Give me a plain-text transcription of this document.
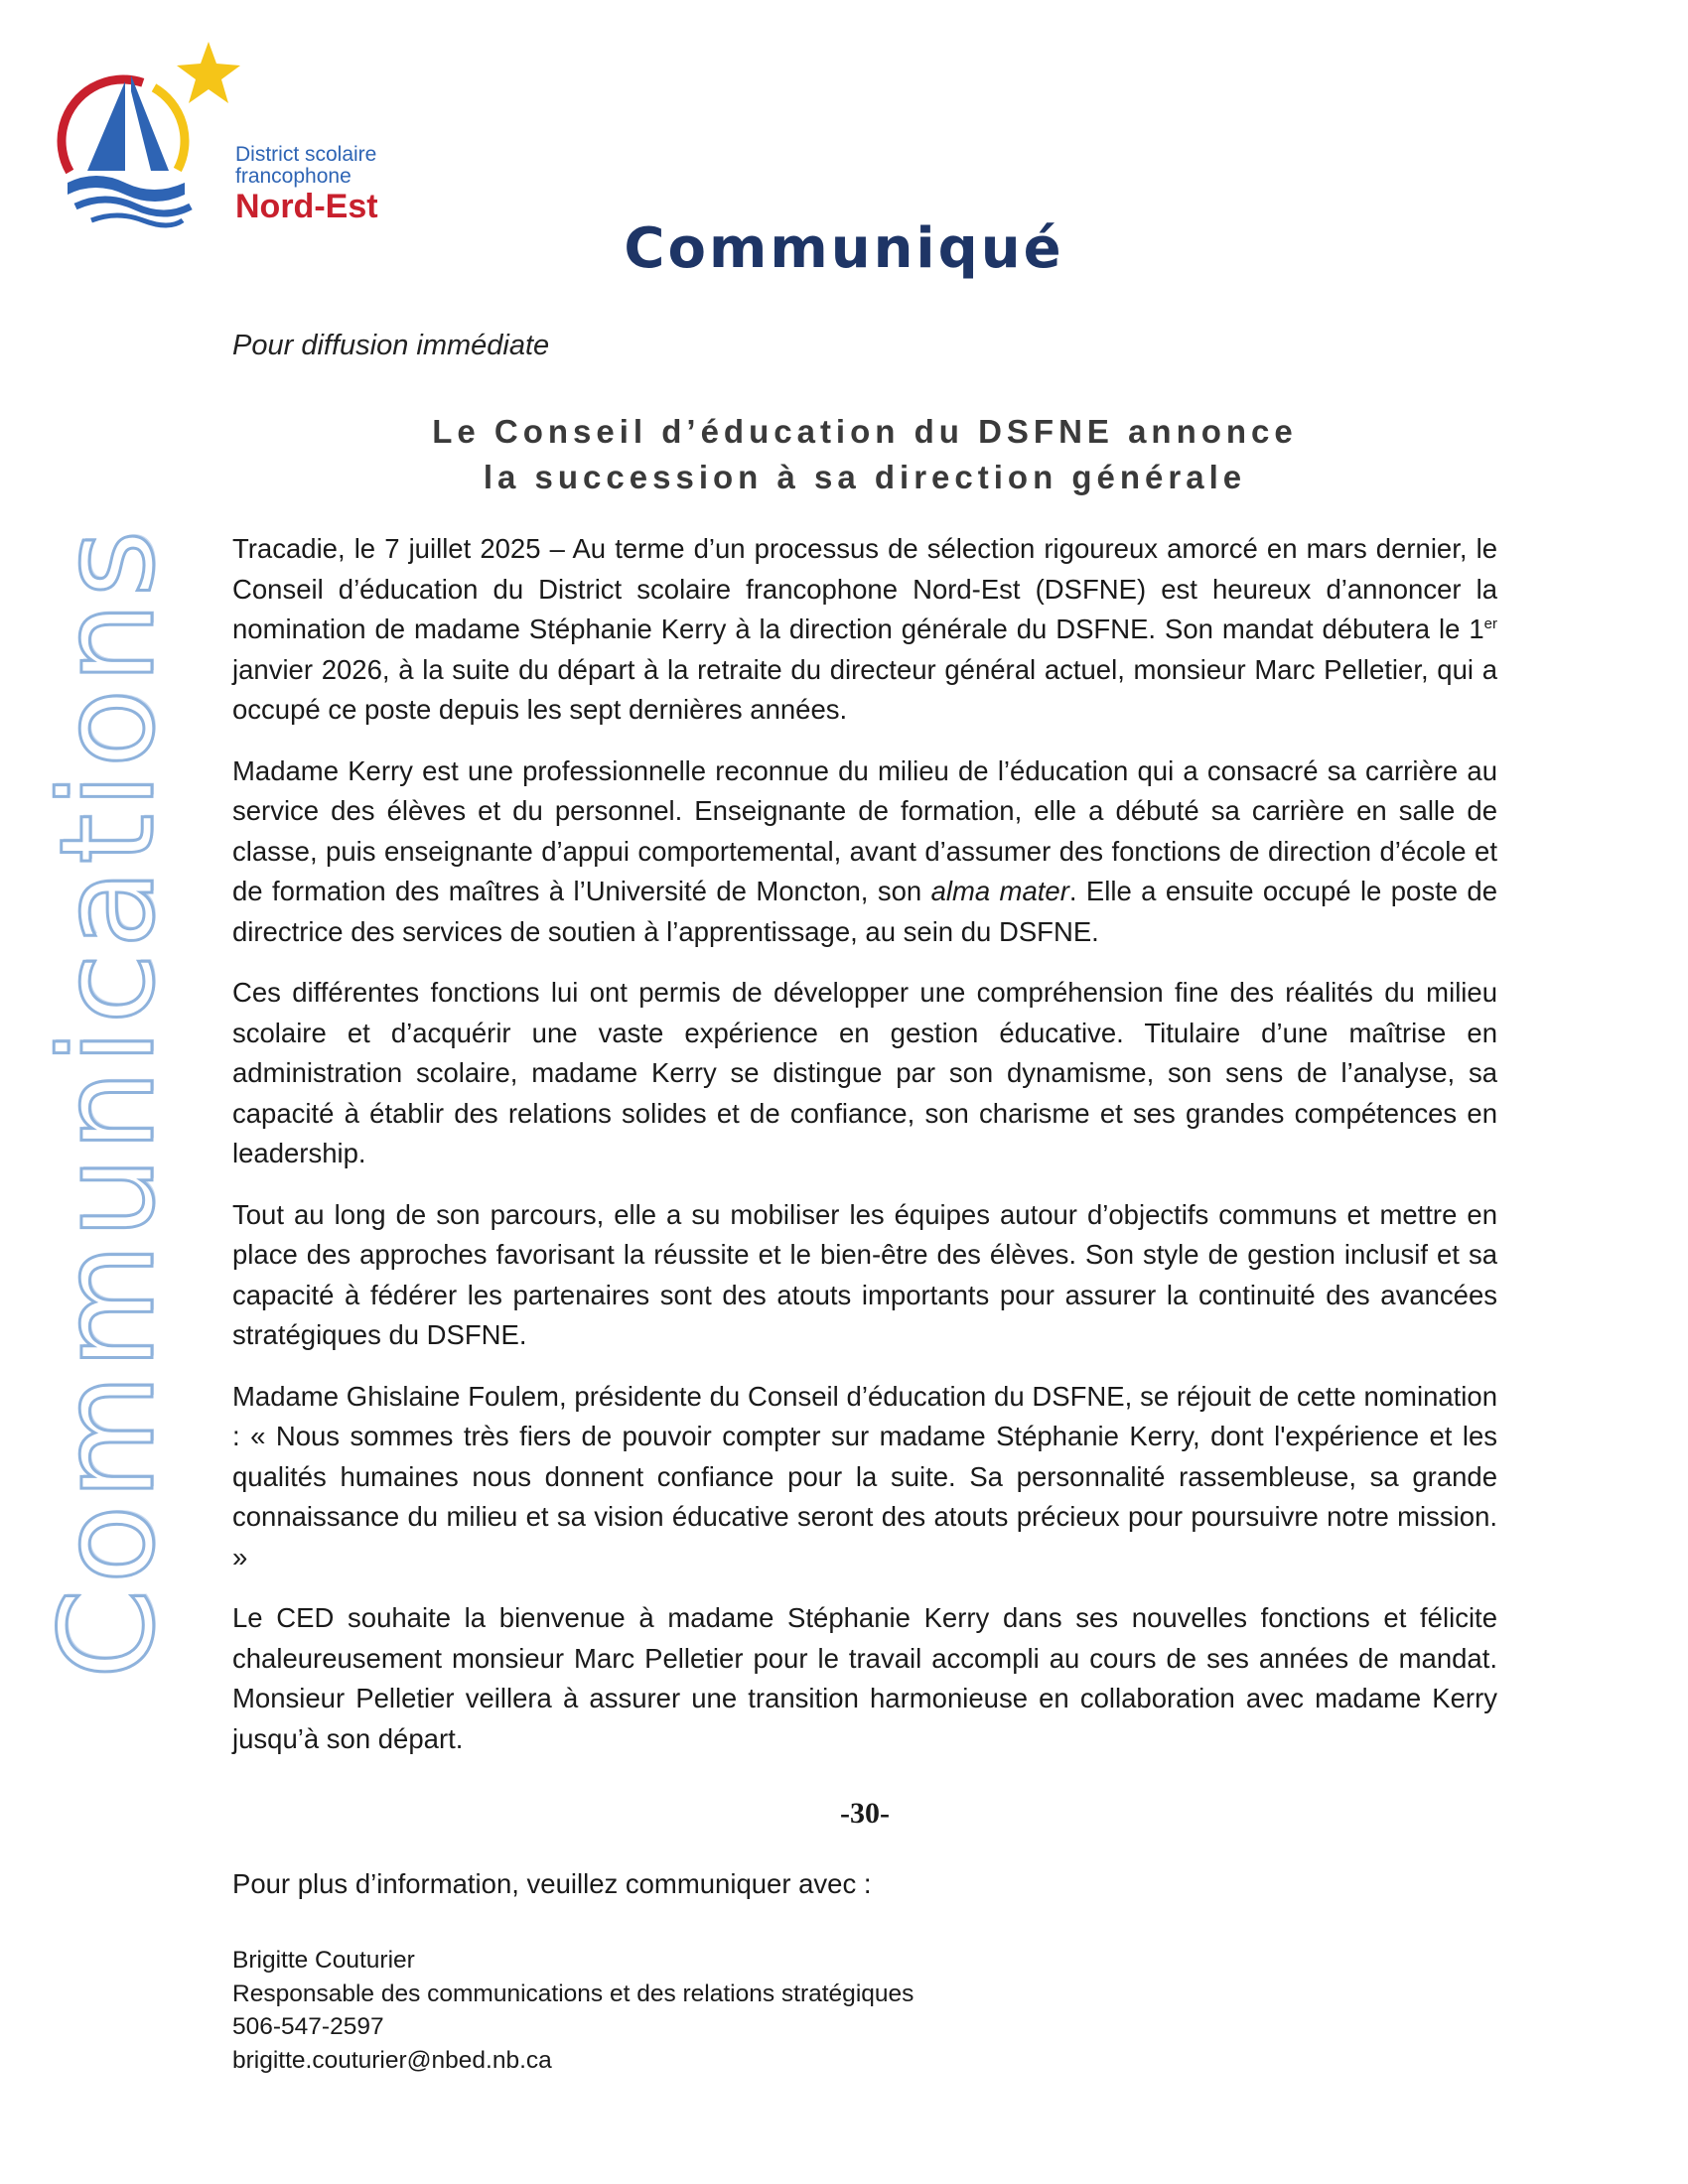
District scolaire
francophone
Nord-Est
Communications
Communiqué
Pour diffusion immédiate
Le Conseil d’éducation du DSFNE annonce
la succession à sa direction générale

Tracadie, le 7 juillet 2025 – Au terme d’un processus de sélection rigoureux amorcé en mars dernier, le Conseil d’éducation du District scolaire francophone Nord-Est (DSFNE) est heureux d’annoncer la nomination de madame Stéphanie Kerry à la direction générale du DSFNE. Son mandat débutera le 1er janvier 2026, à la suite du départ à la retraite du directeur général actuel, monsieur Marc Pelletier, qui a occupé ce poste depuis les sept dernières années.

Madame Kerry est une professionnelle reconnue du milieu de l’éducation qui a consacré sa carrière au service des élèves et du personnel. Enseignante de formation, elle a débuté sa carrière en salle de classe, puis enseignante d’appui comportemental, avant d’assumer des fonctions de direction d’école et de formation des maîtres à l’Université de Moncton, son alma mater. Elle a ensuite occupé le poste de directrice des services de soutien à l’apprentissage, au sein du DSFNE.

Ces différentes fonctions lui ont permis de développer une compréhension fine des réalités du milieu scolaire et d’acquérir une vaste expérience en gestion éducative. Titulaire d’une maîtrise en administration scolaire, madame Kerry se distingue par son dynamisme, son sens de l’analyse, sa capacité à établir des relations solides et de confiance, son charisme et ses grandes compétences en leadership.

Tout au long de son parcours, elle a su mobiliser les équipes autour d’objectifs communs et mettre en place des approches favorisant la réussite et le bien-être des élèves. Son style de gestion inclusif et sa capacité à fédérer les partenaires sont des atouts importants pour assurer la continuité des avancées stratégiques du DSFNE.

Madame Ghislaine Foulem, présidente du Conseil d’éducation du DSFNE, se réjouit de cette nomination : « Nous sommes très fiers de pouvoir compter sur madame Stéphanie Kerry, dont l'expérience et les qualités humaines nous donnent confiance pour la suite. Sa personnalité rassembleuse, sa grande connaissance du milieu et sa vision éducative seront des atouts précieux pour poursuivre notre mission. »

Le CED souhaite la bienvenue à madame Stéphanie Kerry dans ses nouvelles fonctions et félicite chaleureusement monsieur Marc Pelletier pour le travail accompli au cours de ses années de mandat. Monsieur Pelletier veillera à assurer une transition harmonieuse en collaboration avec madame Kerry jusqu’à son départ.

-30-
Pour plus d’information, veuillez communiquer avec :
Brigitte Couturier
Responsable des communications et des relations stratégiques
506-547-2597
brigitte.couturier@nbed.nb.ca
